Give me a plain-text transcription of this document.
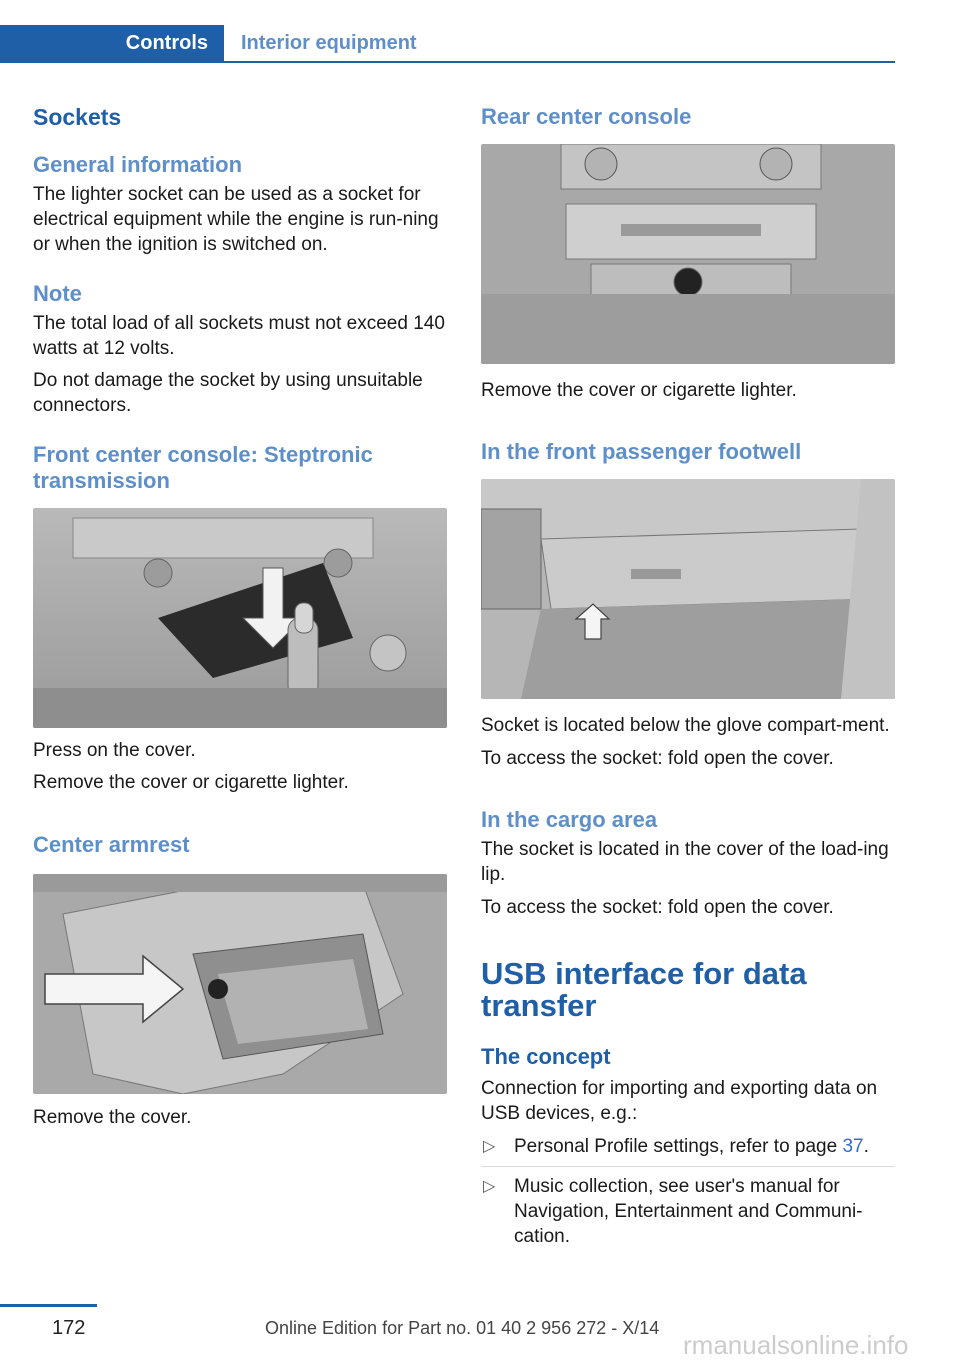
Controls	Interior equipment
Sockets
General information

The lighter socket can be used as a socket for electrical equipment while the engine is run-ning or when the ignition is switched on.

Note

The total load of all sockets must not exceed 140 watts at 12 volts.

Do not damage the socket by using unsuitable connectors.

Front center console: Steptronic transmission

Press on the cover.

Remove the cover or cigarette lighter.

Center armrest

Remove the cover.

Rear center console

Remove the cover or cigarette lighter.

In the front passenger footwell

Socket is located below the glove compart-ment.

To access the socket: fold open the cover.

In the cargo area

The socket is located in the cover of the load-ing lip.

To access the socket: fold open the cover.

USB interface for data transfer
The concept

Connection for importing and exporting data on USB devices, e.g.:

▷ Personal Profile settings, refer to page 37.
▷ Music collection, see user's manual for Navigation, Entertainment and Communi-cation.
172	Online Edition for Part no. 01 40 2 956 272 - X/14
rmanualsonline.info
